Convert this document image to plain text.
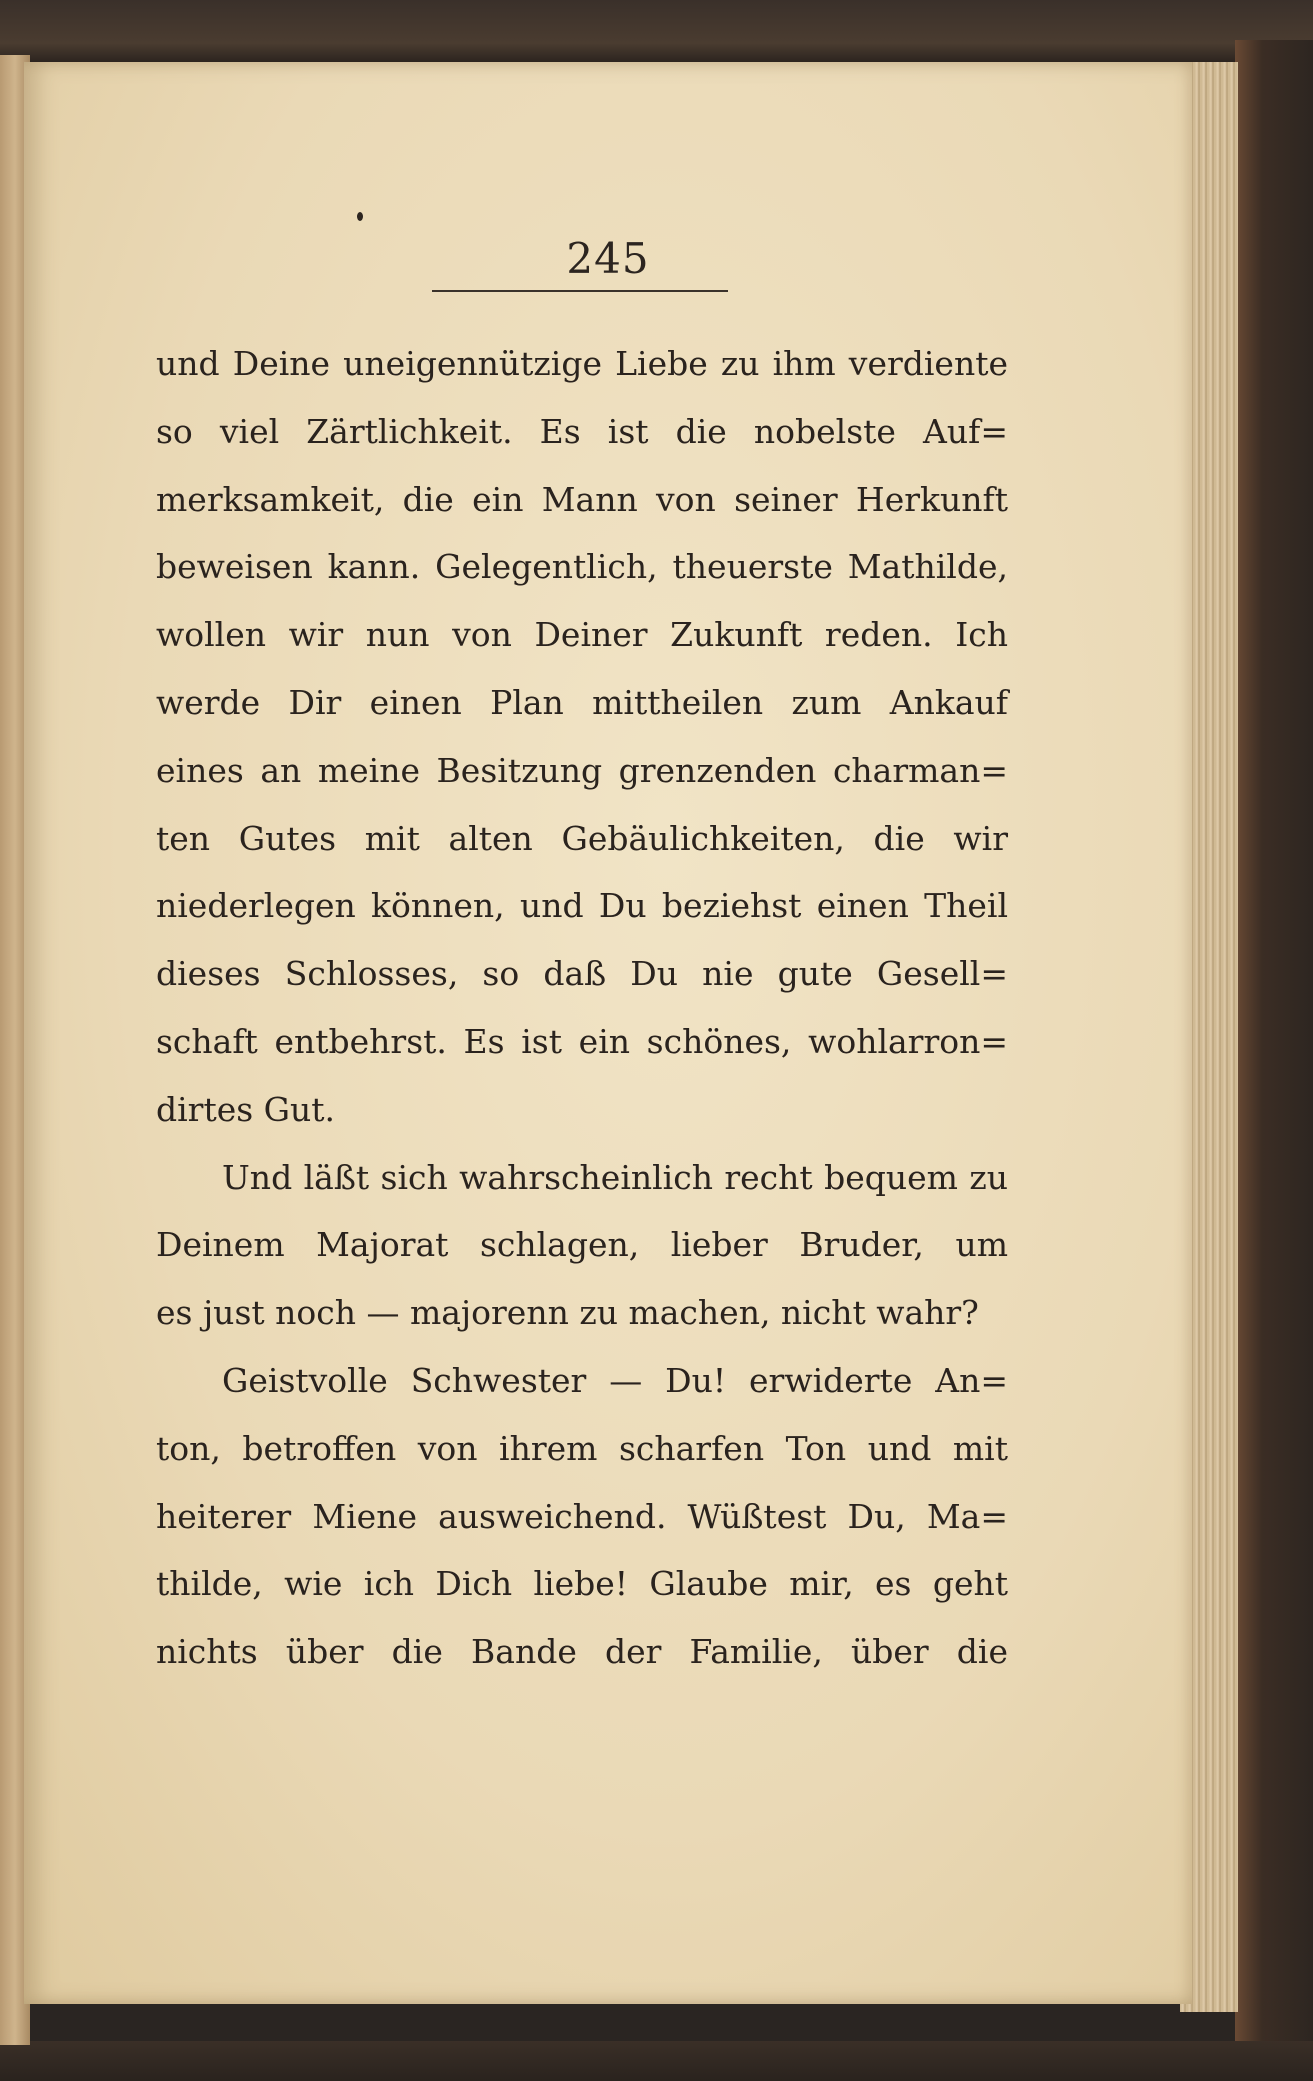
245
und Deine uneigennützige Liebe zu ihm verdiente
so viel Zärtlichkeit. Es ist die nobelste Auf=
merksamkeit, die ein Mann von seiner Herkunft
beweisen kann. Gelegentlich, theuerste Mathilde,
wollen wir nun von Deiner Zukunft reden. Ich
werde Dir einen Plan mittheilen zum Ankauf
eines an meine Besitzung grenzenden charman=
ten Gutes mit alten Gebäulichkeiten, die wir
niederlegen können, und Du beziehst einen Theil
dieses Schlosses, so daß Du nie gute Gesell=
schaft entbehrst. Es ist ein schönes, wohlarron=
dirtes Gut.
Und läßt sich wahrscheinlich recht bequem zu
Deinem Majorat schlagen, lieber Bruder, um
es just noch — majorenn zu machen, nicht wahr?
Geistvolle Schwester — Du! erwiderte An=
ton, betroffen von ihrem scharfen Ton und mit
heiterer Miene ausweichend. Wüßtest Du, Ma=
thilde, wie ich Dich liebe! Glaube mir, es geht
nichts über die Bande der Familie, über die
